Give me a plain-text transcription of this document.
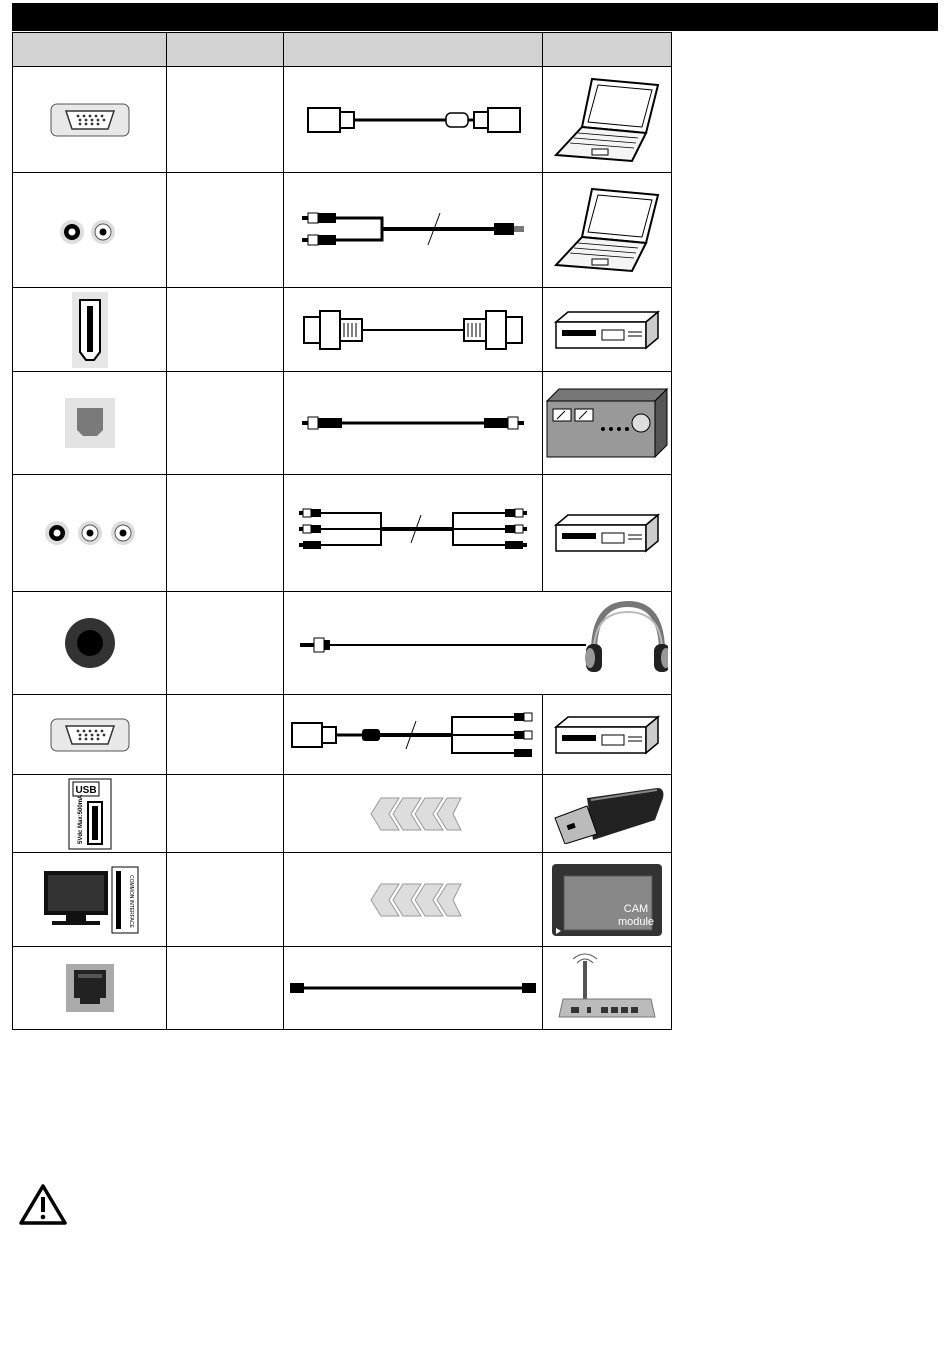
USB
5Vdc Max:500mA

COMMON INTERFACE			CAM
module
